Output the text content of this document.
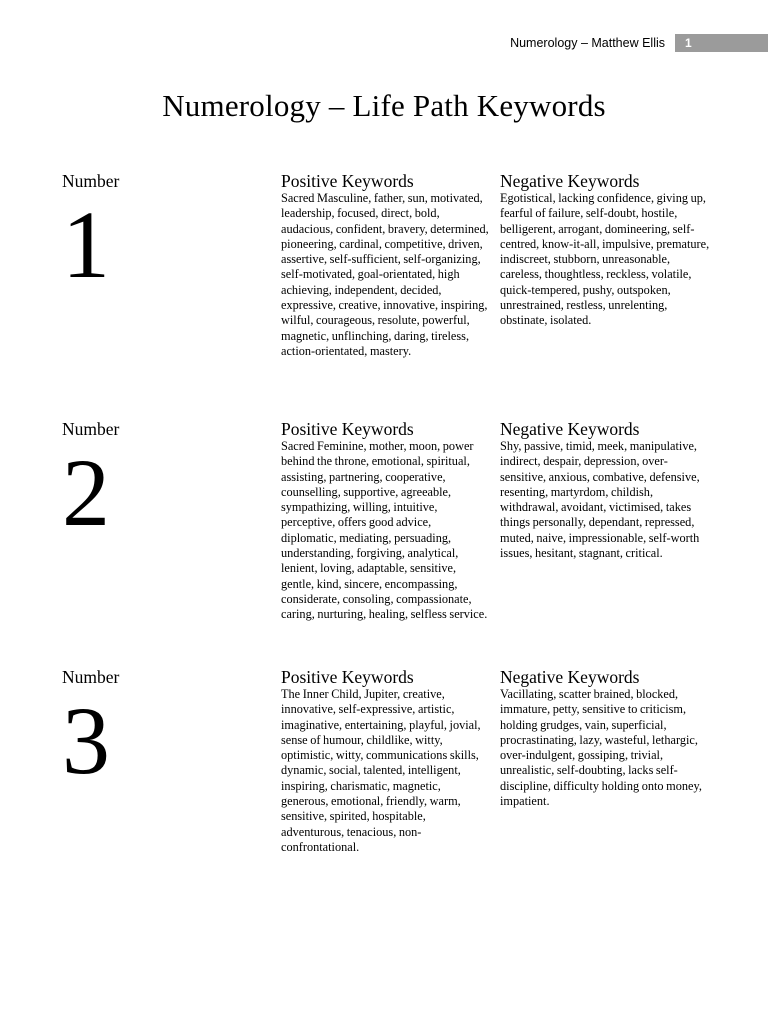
Numerology – Matthew Ellis	1
Numerology – Life Path Keywords
Number
1
Positive Keywords
Sacred Masculine, father, sun, motivated, leadership, focused, direct, bold, audacious, confident, bravery, determined, pioneering, cardinal, competitive, driven, assertive, self-sufficient, self-organizing, self-motivated, goal-orientated, high achieving, independent, decided, expressive, creative, innovative, inspiring, wilful, courageous, resolute, powerful, magnetic, unflinching, daring, tireless, action-orientated, mastery.
Negative Keywords
Egotistical, lacking confidence, giving up, fearful of failure, self-doubt, hostile, belligerent, arrogant, domineering, self-centred, know-it-all, impulsive, premature, indiscreet, stubborn, unreasonable, careless, thoughtless, reckless, volatile, quick-tempered, pushy, outspoken, unrestrained, restless, unrelenting, obstinate, isolated.
Number
2
Positive Keywords
Sacred Feminine, mother, moon, power behind the throne, emotional, spiritual, assisting, partnering, cooperative, counselling, supportive, agreeable, sympathizing, willing, intuitive, perceptive, offers good advice, diplomatic, mediating, persuading, understanding, forgiving, analytical, lenient, loving, adaptable, sensitive, gentle, kind, sincere, encompassing, considerate, consoling, compassionate, caring, nurturing, healing, selfless service.
Negative Keywords
Shy, passive, timid, meek, manipulative, indirect, despair, depression, over-sensitive, anxious, combative, defensive, resenting, martyrdom, childish, withdrawal, avoidant, victimised, takes things personally, dependant, repressed, muted, naive, impressionable, self-worth issues, hesitant, stagnant, critical.
Number
3
Positive Keywords
The Inner Child, Jupiter, creative, innovative, self-expressive, artistic, imaginative, entertaining, playful, jovial, sense of humour, childlike, witty, optimistic, witty, communications skills, dynamic, social, talented, intelligent, inspiring, charismatic, magnetic, generous, emotional, friendly, warm, sensitive, spirited, hospitable, adventurous, tenacious, non-confrontational.
Negative Keywords
Vacillating, scatter brained, blocked, immature, petty, sensitive to criticism, holding grudges, vain, superficial, procrastinating, lazy, wasteful, lethargic, over-indulgent, gossiping, trivial, unrealistic, self-doubting, lacks self-discipline, difficulty holding onto money, impatient.
